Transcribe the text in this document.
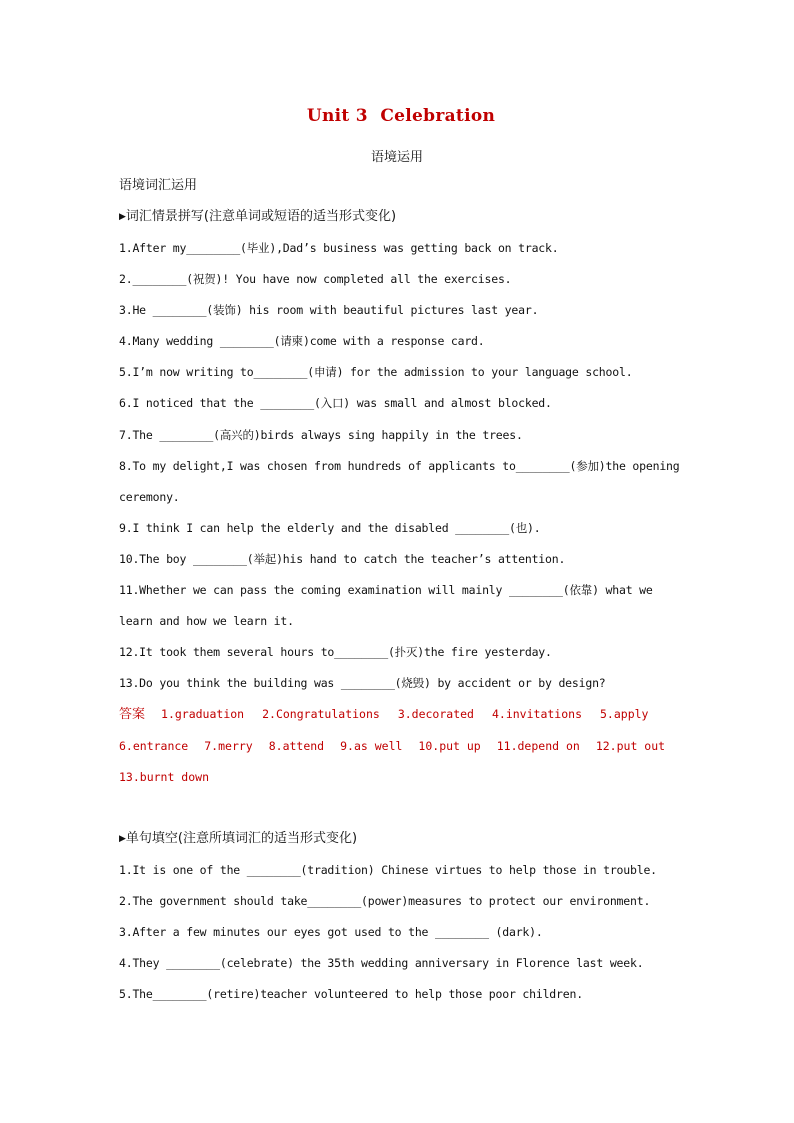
Unit 3  Celebration
语境运用
语境词汇运用
▶词汇情景拼写(注意单词或短语的适当形式变化)
1.After my________(毕业),Dad’s business was getting back on track.
2.________(祝贺)! You have now completed all the exercises.
3.He ________(装饰) his room with beautiful pictures last year.
4.Many wedding ________(请柬)come with a response card.
5.I’m now writing to________(申请) for the admission to your language school.
6.I noticed that the ________(入口) was small and almost blocked.
7.The ________(高兴的)birds always sing happily in the trees.
8.To my delight,I was chosen from hundreds of applicants to________(参加)the opening
ceremony.
9.I think I can help the elderly and the disabled ________(也).
10.The boy ________(举起)his hand to catch the teacher’s attention.
11.Whether we can pass the coming examination will mainly ________(依靠) what we
learn and how we learn it.
12.It took them several hours to________(扑灭)the fire yesterday.
13.Do you think the building was ________(烧毁) by accident or by design?
答案 1.graduation 2.Congratulations 3.decorated 4.invitations 5.apply
6.entrance 7.merry 8.attend 9.as well 10.put up 11.depend on 12.put out
13.burnt down
▶单句填空(注意所填词汇的适当形式变化)
1.It is one of the ________(tradition) Chinese virtues to help those in trouble.
2.The government should take________(power)measures to protect our environment.
3.After a few minutes our eyes got used to the ________ (dark).
4.They ________(celebrate) the 35th wedding anniversary in Florence last week.
5.The________(retire)teacher volunteered to help those poor children.
